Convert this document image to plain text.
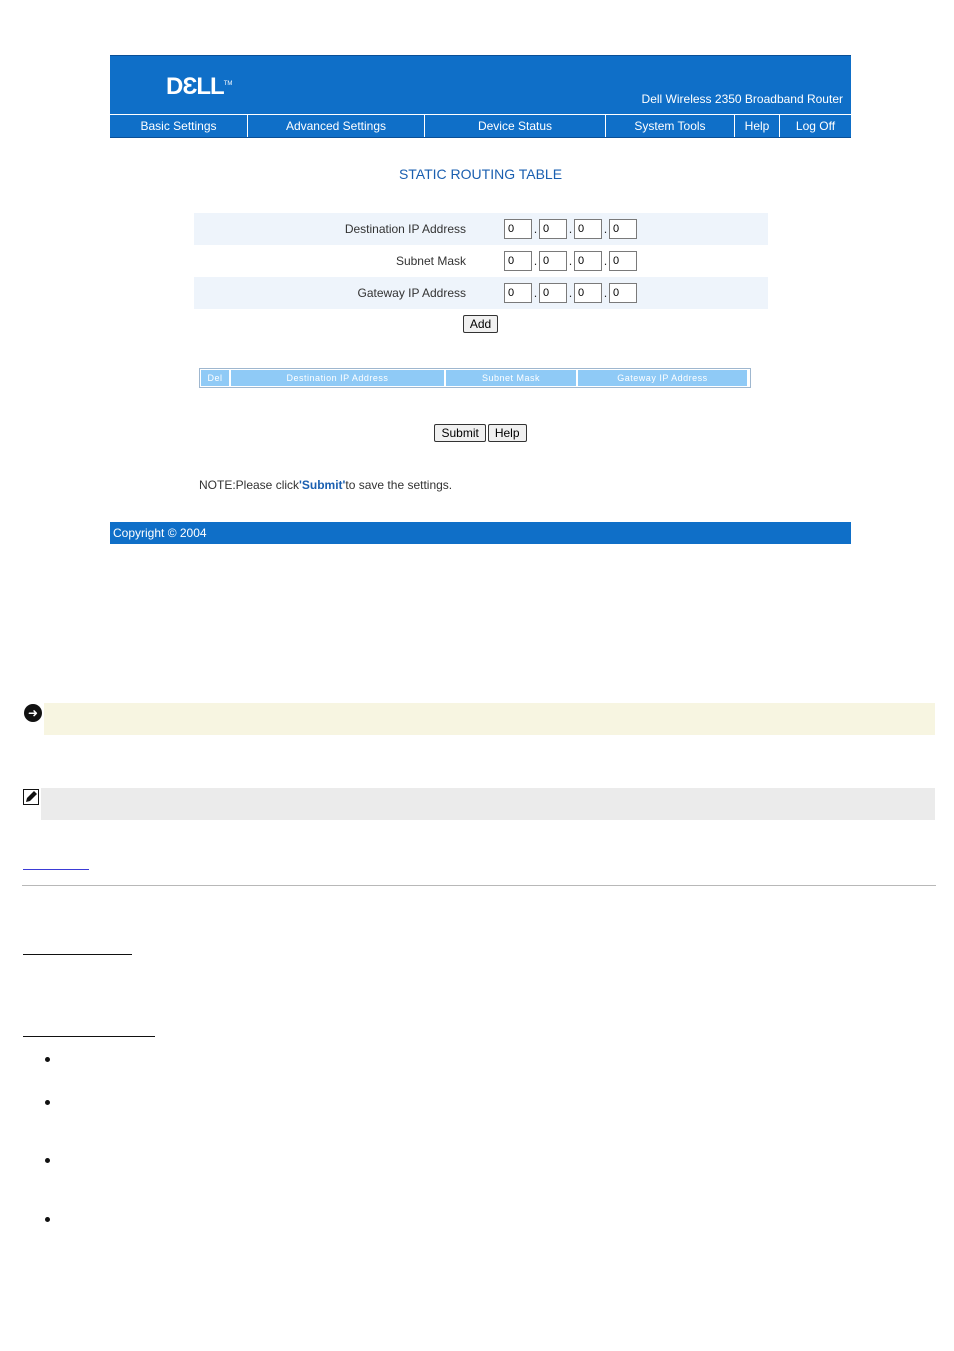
DƐLL™
Dell Wireless 2350 Broadband Router
Basic Settings	Advanced Settings	Device Status	System Tools	Help	Log Off
STATIC ROUTING TABLE
Destination IP Address
0	.
0	.
0	.
0
Subnet Mask
0	.
0	.
0	.
0
Gateway IP Address
0	.
0	.
0	.
0
Add
Del	Destination IP Address	Subnet Mask	Gateway IP Address
Submit Help
NOTE:Please click'Submit'to save the settings.
Copyright © 2004
➜
